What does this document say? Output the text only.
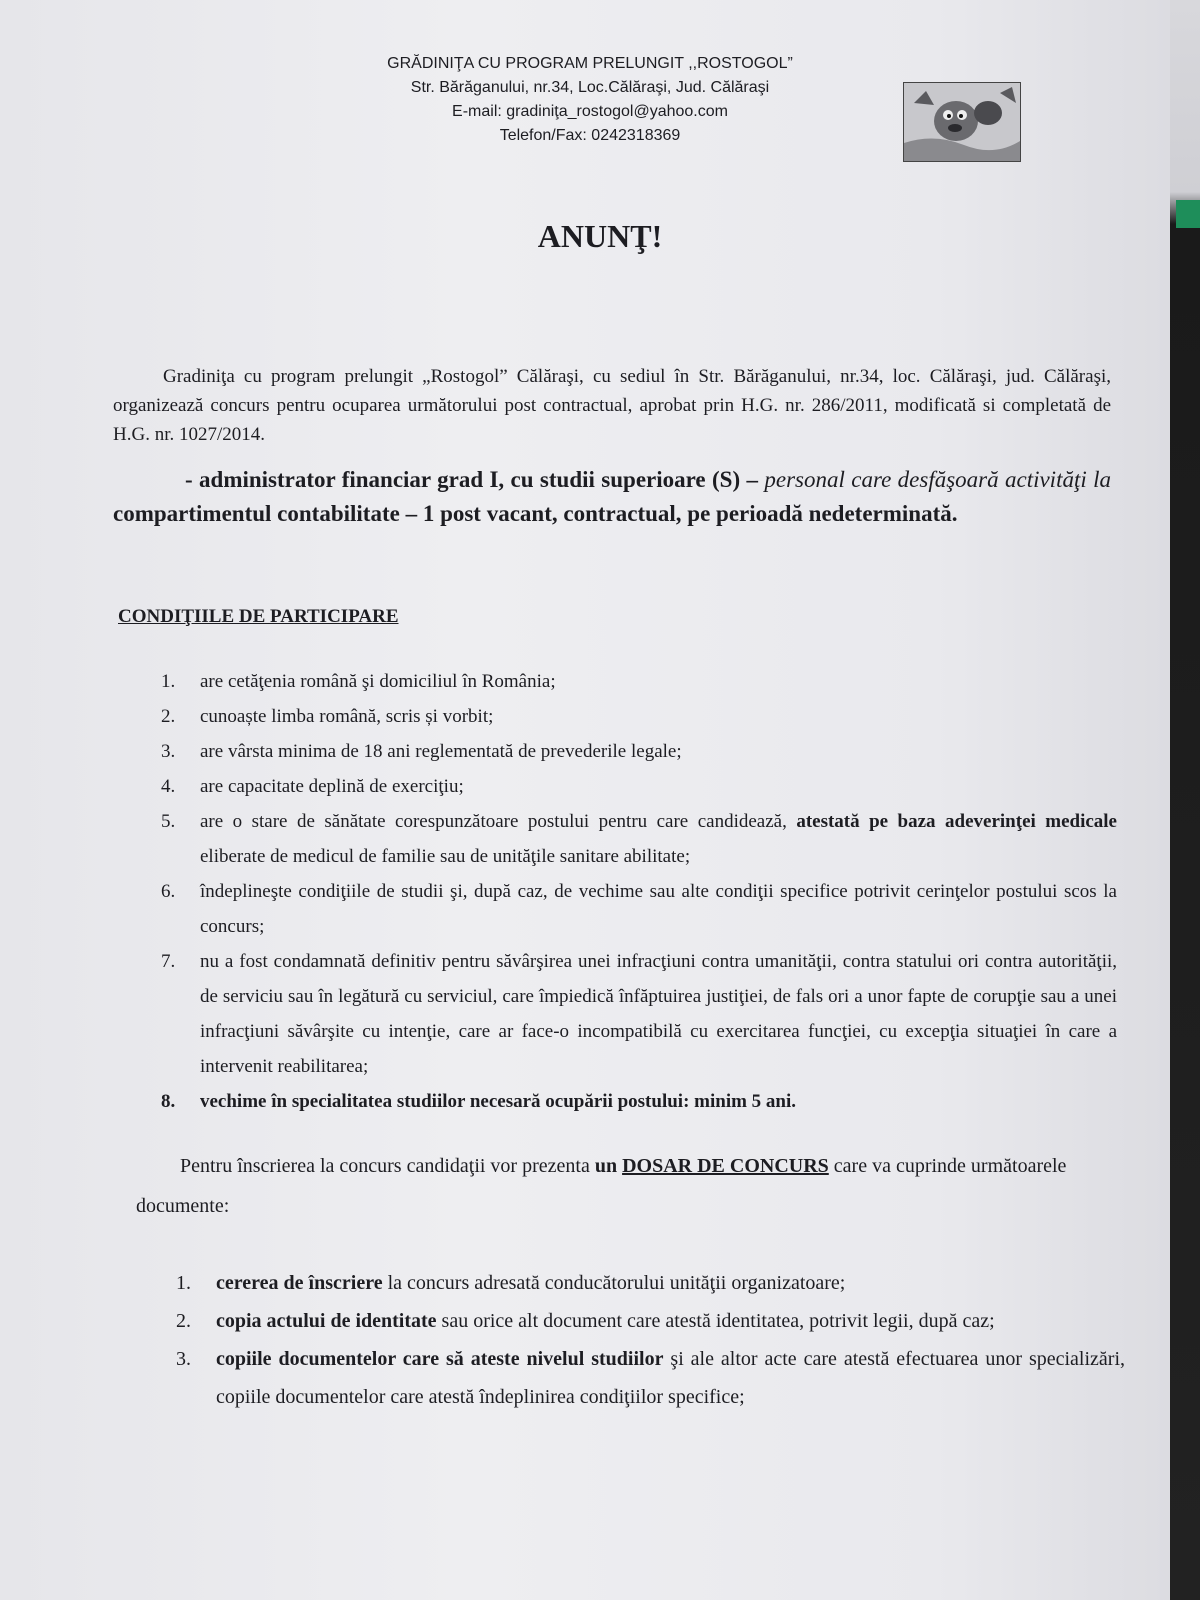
GRĂDINIŢA CU PROGRAM PRELUNGIT ,,ROSTOGOL”
Str. Bărăganului, nr.34, Loc.Călăraşi, Jud. Călăraşi
E-mail: gradiniţa_rostogol@yahoo.com
Telefon/Fax: 0242318369
ANUNŢ!
Gradiniţa cu program prelungit „Rostogol” Călăraşi, cu sediul în Str. Bărăganului, nr.34, loc. Călăraşi, jud. Călăraşi, organizează concurs pentru ocuparea următorului post contractual, aprobat prin H.G. nr. 286/2011, modificată si completată de H.G. nr. 1027/2014.
- administrator financiar grad I, cu studii superioare (S) – personal care desfăşoară activităţi la compartimentul contabilitate – 1 post vacant, contractual, pe perioadă nedeterminată.
CONDIŢIILE DE PARTICIPARE
1. are cetăţenia română şi domiciliul în România;
2. cunoaște limba română, scris și vorbit;
3. are vârsta minima de 18 ani reglementată de prevederile legale;
4. are capacitate deplină de exerciţiu;
5. are o stare de sănătate corespunzătoare postului pentru care candidează, atestată pe baza adeverinţei medicale eliberate de medicul de familie sau de unităţile sanitare abilitate;
6. îndeplineşte condiţiile de studii şi, după caz, de vechime sau alte condiţii specifice potrivit cerinţelor postului scos la concurs;
7. nu a fost condamnată definitiv pentru săvârşirea unei infracţiuni contra umanităţii, contra statului ori contra autorităţii, de serviciu sau în legătură cu serviciul, care împiedică înfăptuirea justiţiei, de fals ori a unor fapte de corupţie sau a unei infracţiuni săvârşite cu intenţie, care ar face-o incompatibilă cu exercitarea funcţiei, cu excepţia situaţiei în care a intervenit reabilitarea;
8. vechime în specialitatea studiilor necesară ocupării postului: minim 5 ani.
Pentru înscrierea la concurs candidaţii vor prezenta un DOSAR DE CONCURS care va cuprinde următoarele documente:
1. cererea de înscriere la concurs adresată conducătorului unităţii organizatoare;
2. copia actului de identitate sau orice alt document care atestă identitatea, potrivit legii, după caz;
3. copiile documentelor care să ateste nivelul studiilor şi ale altor acte care atestă efectuarea unor specializări, copiile documentelor care atestă îndeplinirea condiţiilor specifice;
